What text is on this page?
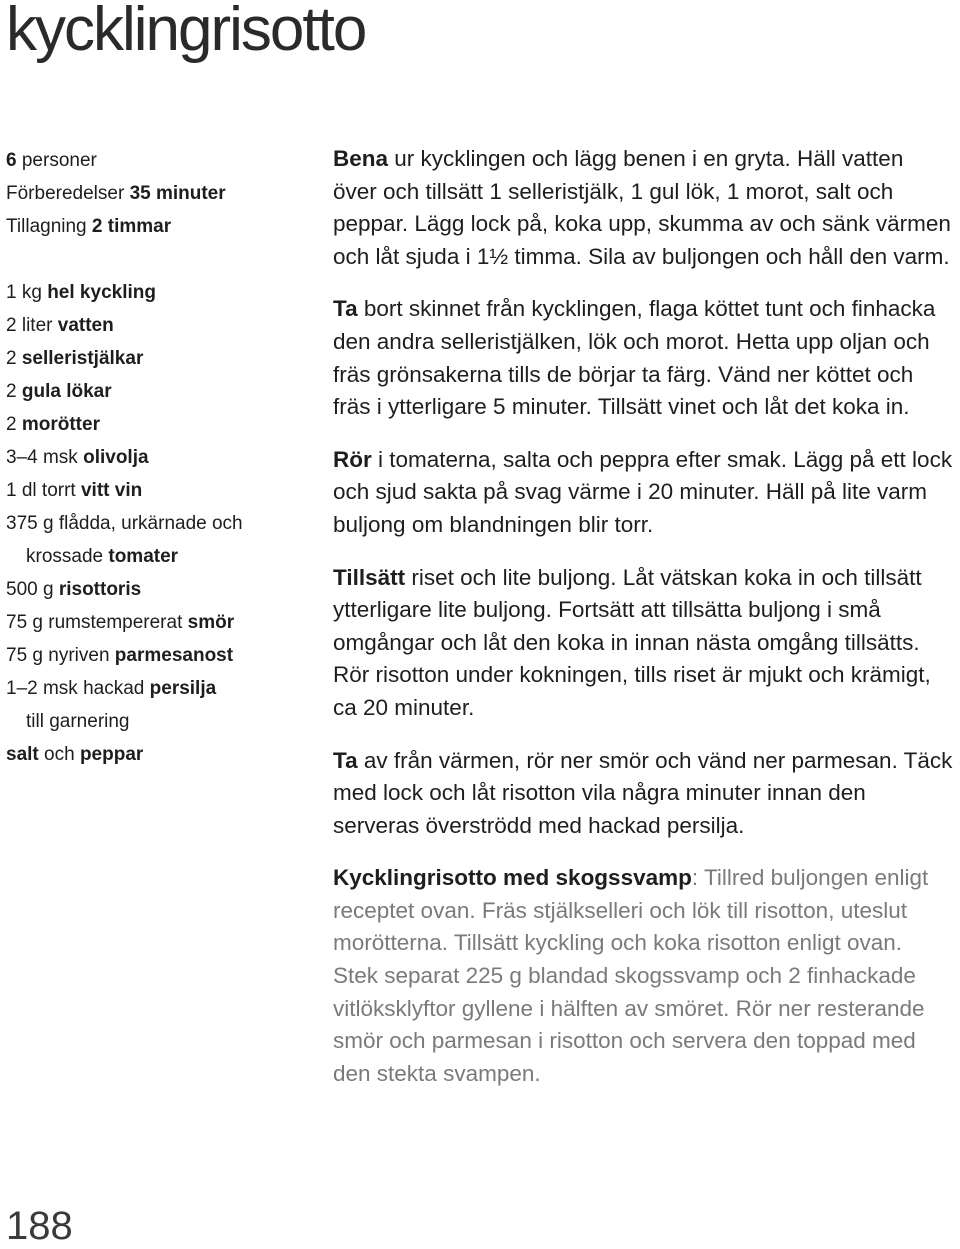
kycklingrisotto
6 personer
Förberedelser 35 minuter
Tillagning 2 timmar
1 kg hel kyckling
2 liter vatten
2 selleristjälkar
2 gula lökar
2 morötter
3–4 msk olivolja
1 dl torrt vitt vin
375 g flådda, urkärnade och
krossade tomater
500 g risottoris
75 g rumstempererat smör
75 g nyriven parmesanost
1–2 msk hackad persilja
till garnering
salt och peppar
Bena ur kycklingen och lägg benen i en gryta. Häll vatten över och tillsätt 1 selleristjälk, 1 gul lök, 1 morot, salt och peppar. Lägg lock på, koka upp, skumma av och sänk värmen och låt sjuda i 1½ timma. Sila av buljongen och håll den varm.
Ta bort skinnet från kycklingen, flaga köttet tunt och finhacka den andra selleristjälken, lök och morot. Hetta upp oljan och fräs grönsakerna tills de börjar ta färg. Vänd ner köttet och fräs i ytterligare 5 minuter. Tillsätt vinet och låt det koka in.
Rör i tomaterna, salta och peppra efter smak. Lägg på ett lock och sjud sakta på svag värme i 20 minuter. Häll på lite varm buljong om blandningen blir torr.
Tillsätt riset och lite buljong. Låt vätskan koka in och tillsätt ytterligare lite buljong. Fortsätt att tillsätta buljong i små omgångar och låt den koka in innan nästa omgång tillsätts. Rör risotton under kokningen, tills riset är mjukt och krämigt, ca 20 minuter.
Ta av från värmen, rör ner smör och vänd ner parmesan. Täck med lock och låt risotton vila några minuter innan den serveras överströdd med hackad persilja.
Kycklingrisotto med skogssvamp: Tillred buljongen enligt receptet ovan. Fräs stjälkselleri och lök till risotton, uteslut morötterna. Tillsätt kyckling och koka risotton enligt ovan. Stek separat 225 g blandad skogssvamp och 2 finhackade vitlöksklyftor gyllene i hälften av smöret. Rör ner resterande smör och parmesan i risotton och servera den toppad med den stekta svampen.
188
